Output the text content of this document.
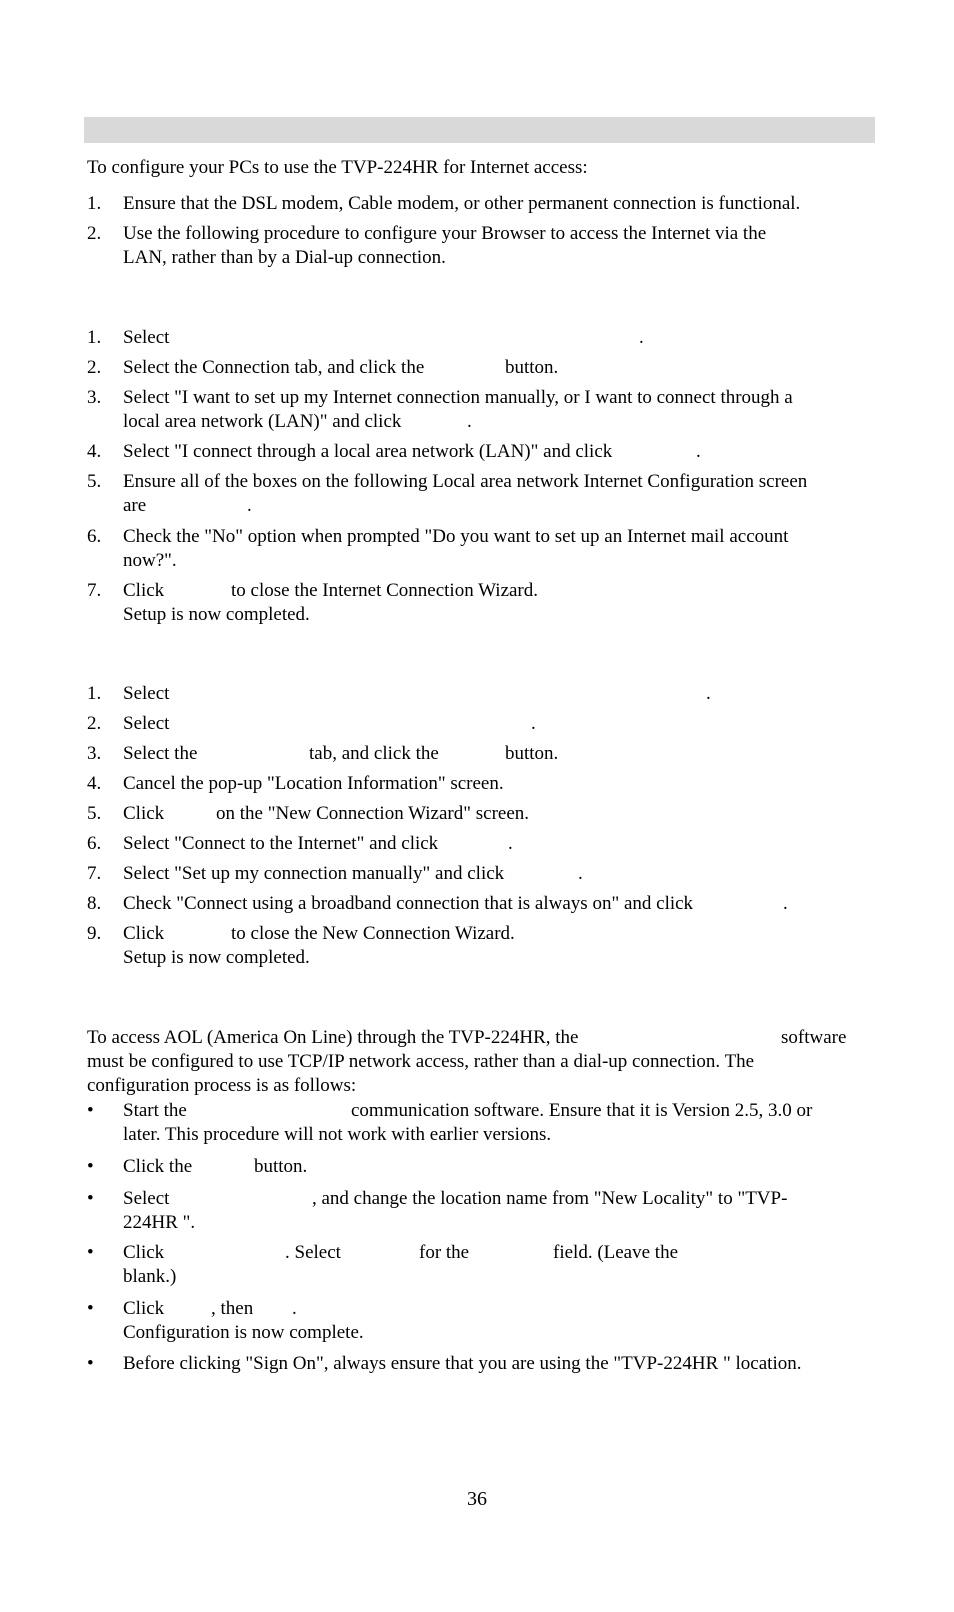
To configure your PCs to use the TVP-224HR for Internet access:
1. Ensure that the DSL modem, Cable modem, or other permanent connection is functional.
2. Use the following procedure to configure your Browser to access the Internet via the
LAN, rather than by a Dial-up connection.
1. Select	.
2. Select the Connection tab, and click the	button.
3. Select "I want to set up my Internet connection manually, or I want to connect through a
local area network (LAN)" and click	.
4. Select "I connect through a local area network (LAN)" and click	.
5. Ensure all of the boxes on the following Local area network Internet Configuration screen
are	.
6. Check the "No" option when prompted "Do you want to set up an Internet mail account
now?".
7. Click
Setup is now completed.
to close the Internet Connection Wizard.
1. Select	.
2. Select	.
3. Select the	tab, and click the	button.
4. Cancel the pop-up "Location Information" screen.
5. Click	on the "New Connection Wizard" screen.
6. Select "Connect to the Internet" and click	.
7. Select "Set up my connection manually" and click	.
8. Check "Connect using a broadband connection that is always on" and click	.
9. Click
Setup is now completed.
to close the New Connection Wizard.
To access AOL (America On Line) through the TVP-224HR, the	software
must be configured to use TCP/IP network access, rather than a dial-up connection. The
configuration process is as follows:
• Start the
later. This procedure will not work with earlier versions.
communication software. Ensure that it is Version 2.5, 3.0 or
• Click the	button.
• Select
224HR ".
, and change the location name from "New Locality" to "TVP-
• Click
blank.)
. Select	for the	field. (Leave the
• Click
Configuration is now complete.
, then .
• Before clicking "Sign On", always ensure that you are using the "TVP-224HR " location.
36
